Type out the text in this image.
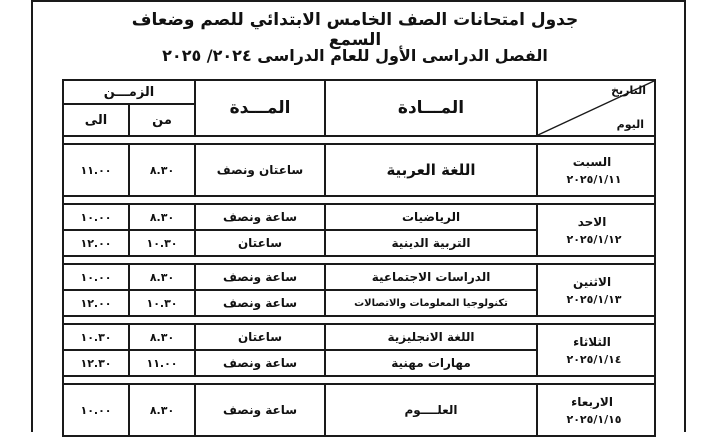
جدول امتحانات الصف الخامس الابتدائي للصم وضعاف السمع
الفصل الدراسى الأول للعام الدراسى ٢٠٢٤/ ٢٠٢٥
التاريخ
اليوم	المـــادة	المـــدة	الزمـــن	
			من	الى

السبت
٢٠٢٥/١/١١	اللغة العربية	ساعتان ونصف	٨.٣٠	١١.٠٠

الاحد
٢٠٢٥/١/١٢	الرياضيات	ساعة ونصف	٨.٣٠	١٠.٠٠
	التربية الدينية	ساعتان	١٠.٣٠	١٢.٠٠

الاثنين
٢٠٢٥/١/١٣	الدراسات الاجتماعية	ساعة ونصف	٨.٣٠	١٠.٠٠
	تكنولوجيا المعلومات والاتصالات	ساعة ونصف	١٠.٣٠	١٢.٠٠

الثلاثاء
٢٠٢٥/١/١٤	اللغة الانجليزية	ساعتان	٨.٣٠	١٠.٣٠
	مهارات مهنية	ساعة ونصف	١١.٠٠	١٢.٣٠

الاربعاء
٢٠٢٥/١/١٥	العلــــوم	ساعة ونصف	٨.٣٠	١٠.٠٠
